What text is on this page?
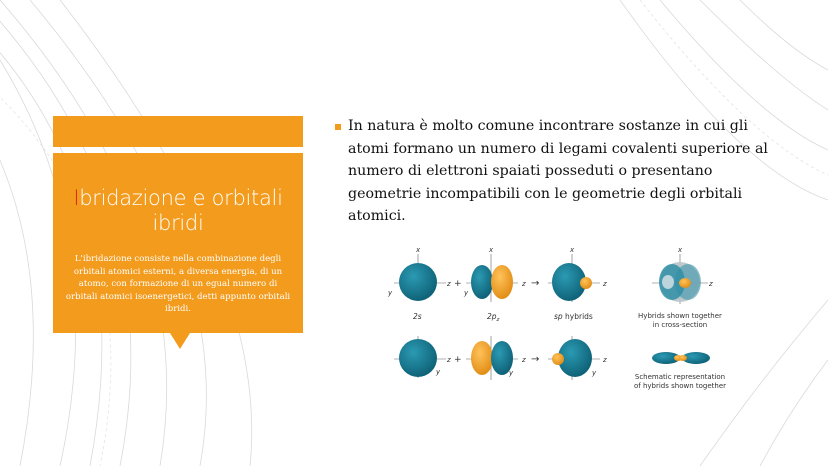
Ibridazione e orbitali ibridi
L'ibridazione consiste nella combinazione degli orbitali atomici esterni, a diversa energia, di un atomo, con formazione di un egual numero di orbitali atomici isoenergetici, detti appunto orbitali ibridi.
In natura è molto comune incontrare sostanze in cui gli atomi formano un numero di legami covalenti superiore al numero di elettroni spaiati posseduti o presentano geometrie incompatibili con le geometrie degli orbitali atomici.
x
z
y
2s
+
x
z
y
$2p_z$
→
x
z
sp hybrids
x
z
Hybrids shown together
in cross-section
z
y
+	z
y
→	z
y	Schematic representation
of hybrids shown together
